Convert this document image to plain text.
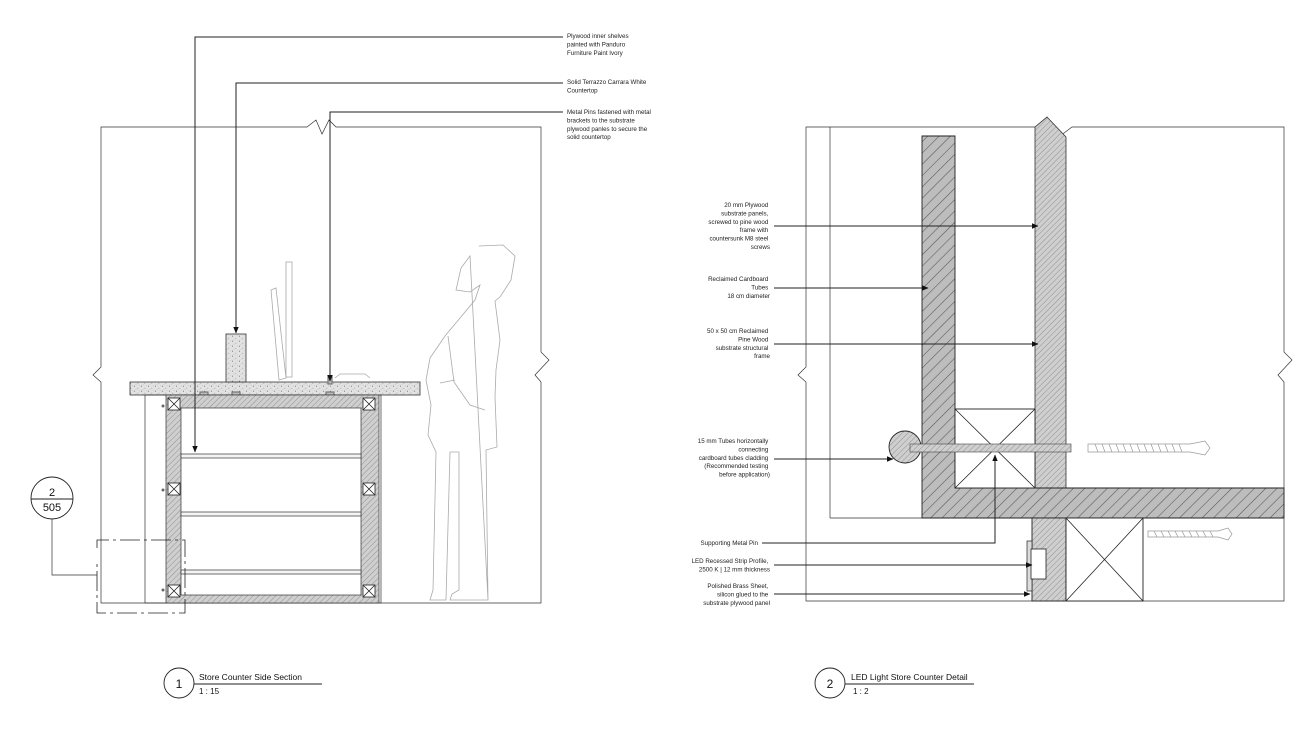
2
505
Plywood inner shelves painted with Panduro Furniture Paint Ivory
Solid Terrazzo Carrara White Countertop
Metal Pins fastened with metal brackets to the substrate plywood panles to secure the solid countertop
1 Store Counter Side Section
1 : 15
20 mm Plywood substrate panels, screwed to pine wood frame with countersunk M8 steel screws
Reclaimed Cardboard Tubes 18 cm diameter
50 x 50 cm Reclaimed Pine Wood substrate structural frame
15 mm Tubes horizontally connecting cardboard tubes cladding (Recommended testing before application)
Supporting Metal Pin
LED Recessed Strip Profile, 2500 K | 12 mm thickness
Polished Brass Sheet, silicon glued to the substrate plywood panel
2 LED Light Store Counter Detail
1 : 2
